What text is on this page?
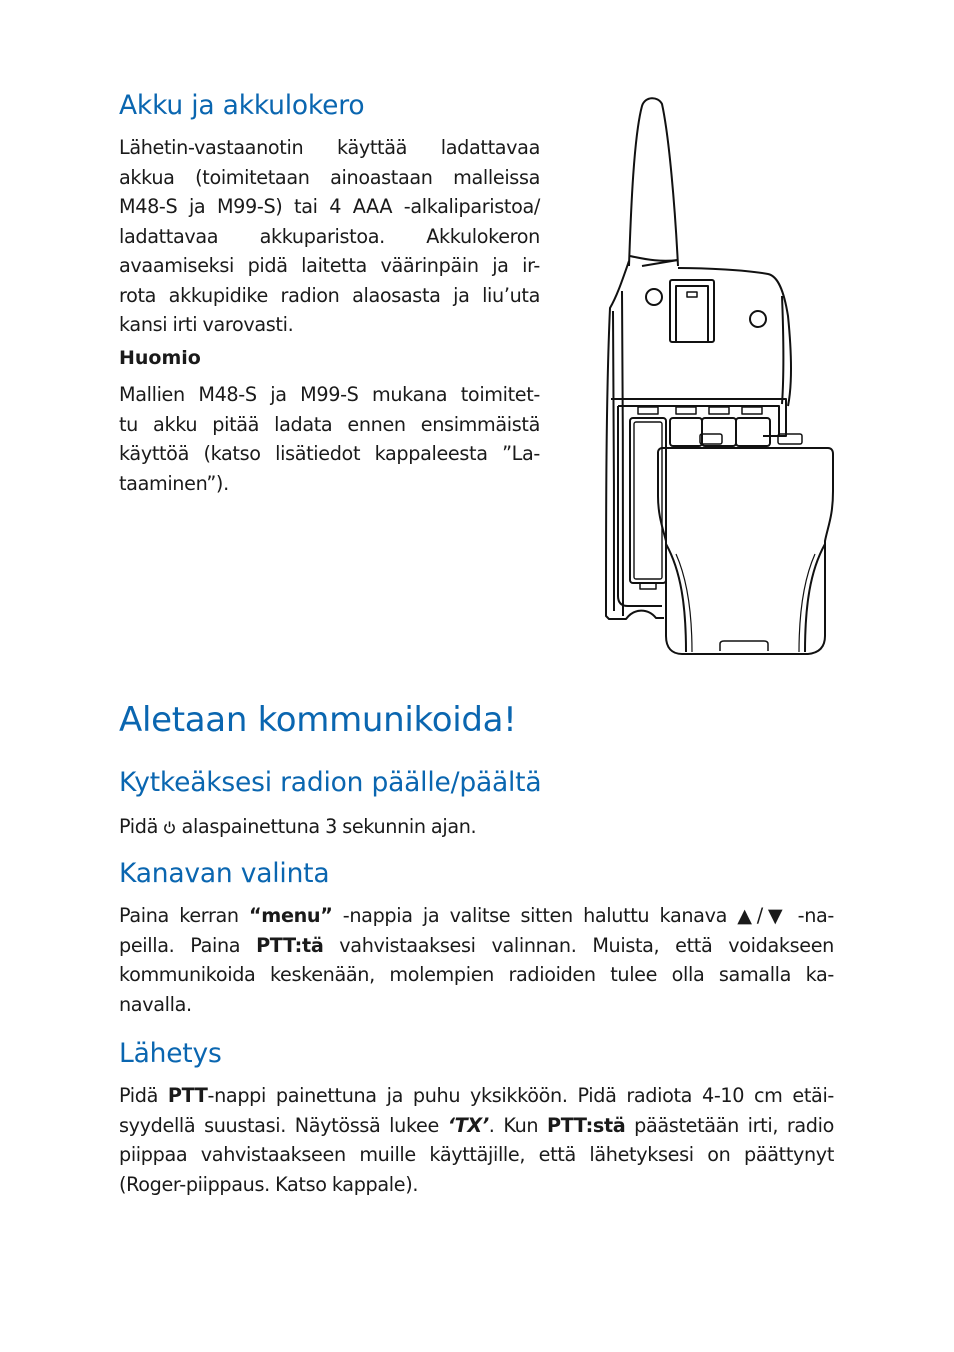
Akku ja akkulokero
Lähetin-vastaanotin käyttää ladattavaa
akkua (toimitetaan ainoastaan malleissa
M48-S ja M99-S) tai 4 AAA -alkaliparistoa/
ladattavaa akkuparistoa. Akkulokeron
avaamiseksi pidä laitetta väärinpäin ja ir-
rota akkupidike radion alaosasta ja liu’uta
kansi irti varovasti.
Huomio
Mallien M48-S ja M99-S mukana toimitet-
tu akku pitää ladata ennen ensimmäistä
käyttöä (katso lisätiedot kappaleesta ”La-
taaminen”).
Aletaan kommunikoida!
Kytkeäksesi radion päälle/päältä
Pidä alaspainettuna 3 sekunnin ajan.
Kanavan valinta
Paina kerran “menu” -nappia ja valitse sitten haluttu kanava ▲/▼ -na-
peilla. Paina PTT:tä vahvistaaksesi valinnan. Muista, että voidakseen
kommunikoida keskenään, molempien radioiden tulee olla samalla ka-
navalla.
Lähetys
Pidä PTT-nappi painettuna ja puhu yksikköön. Pidä radiota 4-10 cm etäi-
syydellä suustasi. Näytössä lukee ‘TX’. Kun PTT:stä päästetään irti, radio
piippaa vahvistaakseen muille käyttäjille, että lähetyksesi on päättynyt
(Roger-piippaus. Katso kappale).
